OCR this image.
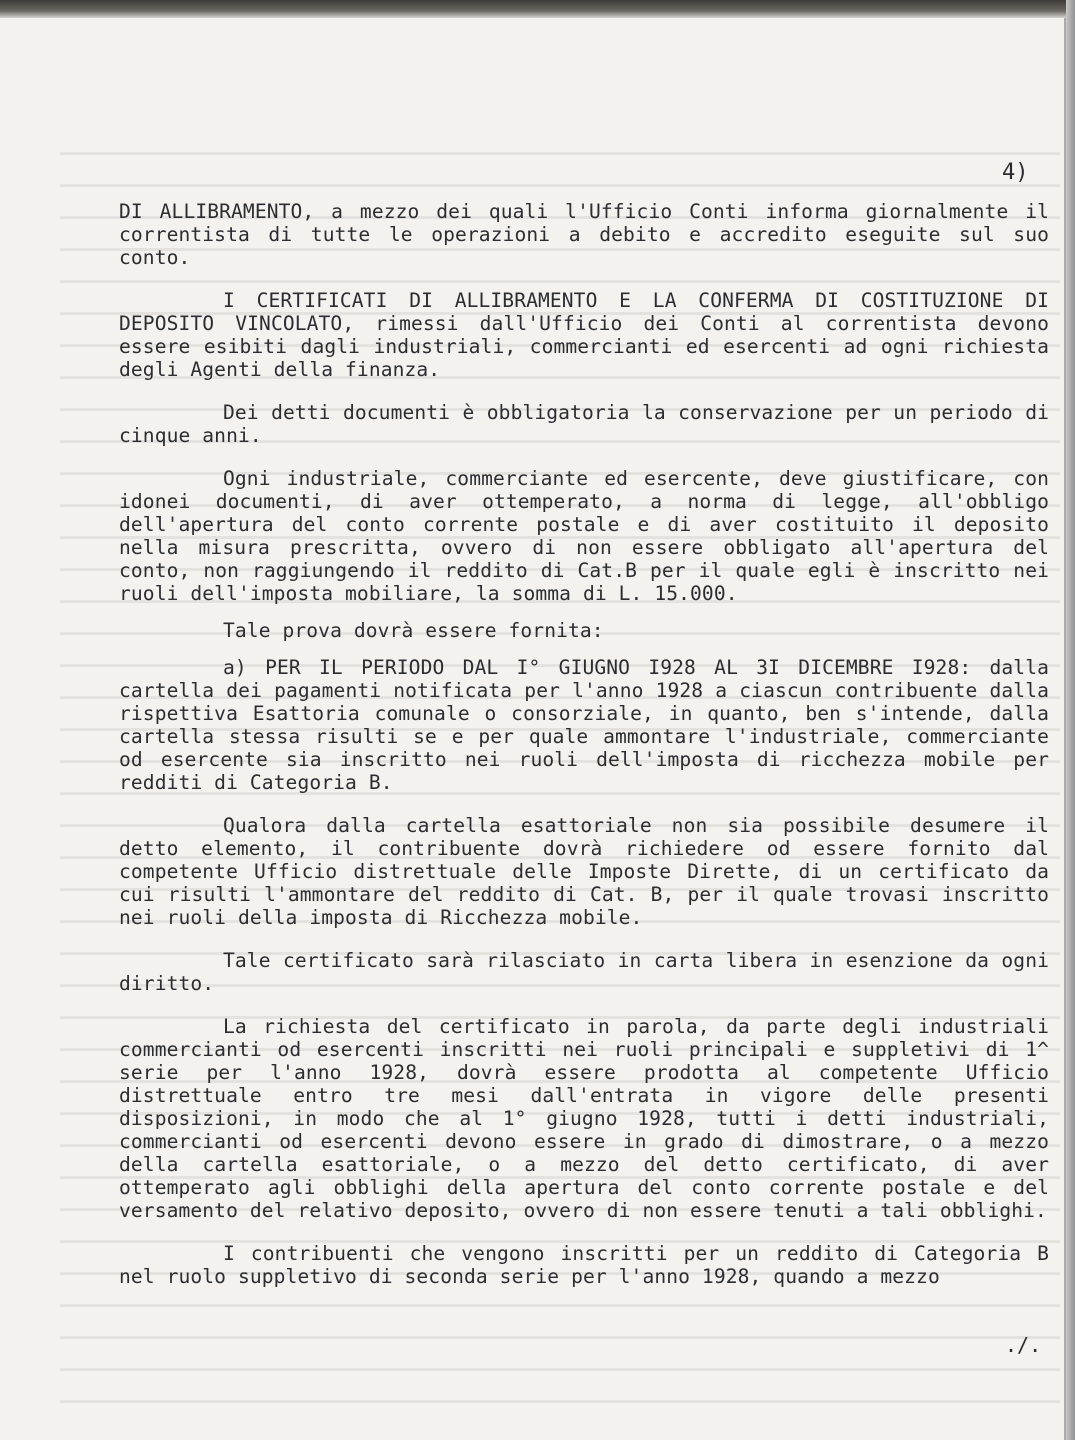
4)

DI ALLIBRAMENTO, a mezzo dei quali l'Ufficio Conti informa giornalmente il correntista di tutte le operazioni a debito e accredito eseguite sul suo conto.

I CERTIFICATI DI ALLIBRAMENTO E LA CONFERMA DI COSTITUZIONE DI DEPOSITO VINCOLATO, rimessi dall'Ufficio dei Conti al correntista devono essere esibiti dagli industriali, commercianti ed esercenti ad ogni richiesta degli Agenti della finanza.

Dei detti documenti è obbligatoria la conservazione per un periodo di cinque anni.

Ogni industriale, commerciante ed esercente, deve giustificare, con idonei documenti, di aver ottemperato, a norma di legge, all'obbligo dell'apertura del conto corrente postale e di aver costituito il deposito nella misura prescritta, ovvero di non essere obbligato all'apertura del conto, non raggiungendo il reddito di Cat.B per il quale egli è inscritto nei ruoli dell'imposta mobiliare, la somma di L. 15.000.

Tale prova dovrà essere fornita:

a) PER IL PERIODO DAL I° GIUGNO I928 AL 3I DICEMBRE I928: dalla cartella dei pagamenti notificata per l'anno 1928 a ciascun contribuente dalla rispettiva Esattoria comunale o consorziale, in quanto, ben s'intende, dalla cartella stessa risulti se e per quale ammontare l'industriale, commerciante od esercente sia inscritto nei ruoli dell'imposta di ricchezza mobile per redditi di Categoria B.

Qualora dalla cartella esattoriale non sia possibile desumere il detto elemento, il contribuente dovrà richiedere od essere fornito dal competente Ufficio distrettuale delle Imposte Dirette, di un certificato da cui risulti l'ammontare del reddito di Cat. B, per il quale trovasi inscritto nei ruoli della imposta di Ricchezza mobile.

Tale certificato sarà rilasciato in carta libera in esenzione da ogni diritto.

La richiesta del certificato in parola, da parte degli industriali commercianti od esercenti inscritti nei ruoli principali e suppletivi di 1^ serie per l'anno 1928, dovrà essere prodotta al competente Ufficio distrettuale entro tre mesi dall'entrata in vigore delle presenti disposizioni, in modo che al 1° giugno 1928, tutti i detti industriali, commercianti od esercenti devono essere in grado di dimostrare, o a mezzo della cartella esattoriale, o a mezzo del detto certificato, di aver ottemperato agli obblighi della apertura del conto corrente postale e del versamento del relativo deposito, ovvero di non essere tenuti a tali obblighi.

I contribuenti che vengono inscritti per un reddito di Categoria B nel ruolo suppletivo di seconda serie per l'anno 1928, quando a mezzo

./.
